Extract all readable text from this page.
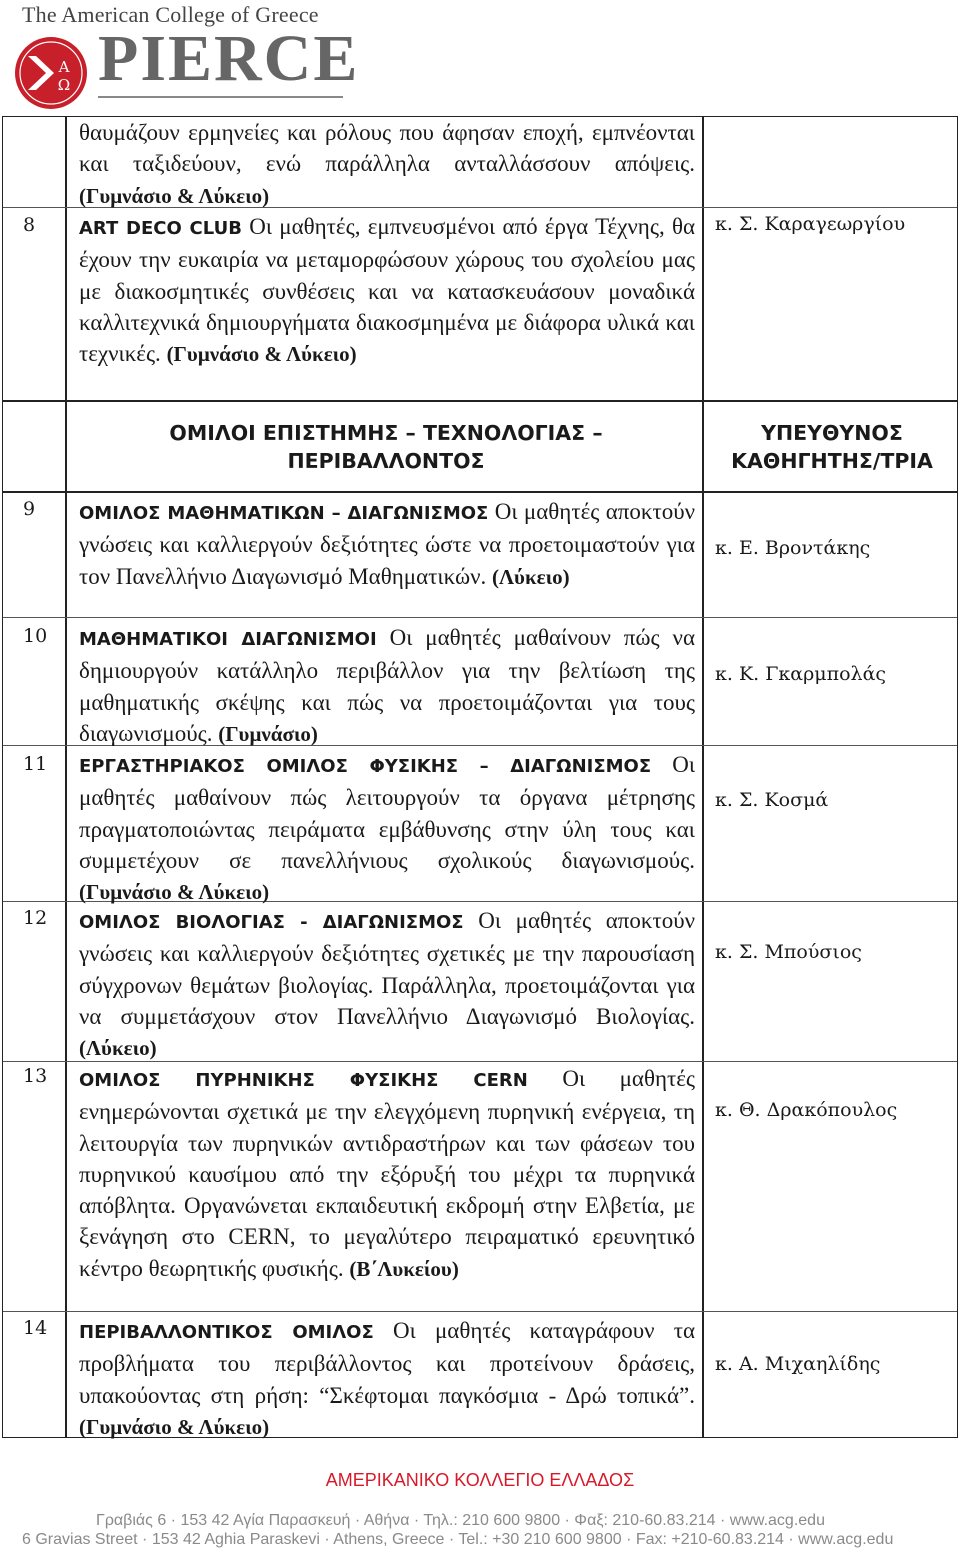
The American College of Greece
Α
Ω PIERCE
θαυμάζουν ερμηνείες και ρόλους που άφησαν εποχή, εμπνέονται και ταξιδεύουν, ενώ παράλληλα ανταλλάσσουν απόψεις. (Γυμνάσιο & Λύκειο)
8 ART DECO CLUB Οι μαθητές, εμπνευσμένοι από έργα Τέχνης, θα έχουν την ευκαιρία να μεταμορφώσουν χώρους του σχολείου μας με διακοσμητικές συνθέσεις και να κατασκευάσουν μοναδικά καλλιτεχνικά δημιουργήματα διακοσμημένα με διάφορα υλικά και τεχνικές. (Γυμνάσιο & Λύκειο)
κ. Σ. Καραγεωργίου
ΟΜΙΛΟΙ ΕΠΙΣΤΗΜΗΣ – ΤΕΧΝΟΛΟΓΙΑΣ –
ΠΕΡΙΒΑΛΛΟΝΤΟΣ
ΥΠΕΥΘΥΝΟΣ
ΚΑΘΗΓΗΤΗΣ/ΤΡΙΑ
9 ΟΜΙΛΟΣ ΜΑΘΗΜΑΤΙΚΩΝ – ΔΙΑΓΩΝΙΣΜΟΣ Οι μαθητές αποκτούν γνώσεις και καλλιεργούν δεξιότητες ώστε να προετοιμαστούν για τον Πανελλήνιο Διαγωνισμό Μαθηματικών. (Λύκειο)
κ. Ε. Βροντάκης
10 ΜΑΘΗΜΑΤΙΚΟΙ ΔΙΑΓΩΝΙΣΜΟΙ Οι μαθητές μαθαίνουν πώς να δημιουργούν κατάλληλο περιβάλλον για την βελτίωση της μαθηματικής σκέψης και πώς να προετοιμάζονται για τους διαγωνισμούς. (Γυμνάσιο)
κ. Κ. Γκαρμπολάς
11 ΕΡΓΑΣΤΗΡΙΑΚΟΣ ΟΜΙΛΟΣ ΦΥΣΙΚΗΣ – ΔΙΑΓΩΝΙΣΜΟΣ Οι μαθητές μαθαίνουν πώς λειτουργούν τα όργανα μέτρησης πραγματοποιώντας πειράματα εμβάθυνσης στην ύλη τους και συμμετέχουν σε πανελλήνιους σχολικούς διαγωνισμούς. (Γυμνάσιο & Λύκειο)
κ. Σ. Κοσμά
12 ΟΜΙΛΟΣ ΒΙΟΛΟΓΙΑΣ - ΔΙΑΓΩΝΙΣΜΟΣ Οι μαθητές αποκτούν γνώσεις και καλλιεργούν δεξιότητες σχετικές με την παρουσίαση σύγχρονων θεμάτων βιολογίας. Παράλληλα, προετοιμάζονται για να συμμετάσχουν στον Πανελλήνιο Διαγωνισμό Βιολογίας. (Λύκειο)
κ. Σ. Μπούσιος
13 ΟΜΙΛΟΣ ΠΥΡΗΝΙΚΗΣ ΦΥΣΙΚΗΣ CERN Οι μαθητές ενημερώνονται σχετικά με την ελεγχόμενη πυρηνική ενέργεια, τη λειτουργία των πυρηνικών αντιδραστήρων και των φάσεων του πυρηνικού καυσίμου από την εξόρυξή του μέχρι τα πυρηνικά απόβλητα. Οργανώνεται εκπαιδευτική εκδρομή στην Ελβετία, με ξενάγηση στο CERN, το μεγαλύτερο πειραματικό ερευνητικό κέντρο θεωρητικής φυσικής. (Β΄Λυκείου)
κ. Θ. Δρακόπουλος
14 ΠΕΡΙΒΑΛΛΟΝΤΙΚΟΣ ΟΜΙΛΟΣ Οι μαθητές καταγράφουν τα προβλήματα του περιβάλλοντος και προτείνουν δράσεις, υπακούοντας στη ρήση: “Σκέφτομαι παγκόσμια - Δρώ τοπικά”. (Γυμνάσιο & Λύκειο)
κ. Α. Μιχαηλίδης
ΑΜΕΡΙΚΑΝΙΚΟ ΚΟΛΛΕΓΙΟ ΕΛΛΑΔΟΣ
Γραβιάς 6 · 153 42 Αγία Παρασκευή · Αθήνα · Τηλ.: 210 600 9800 · Φαξ: 210-60.83.214 · www.acg.edu
6 Gravias Street · 153 42 Aghia Paraskevi · Athens, Greece · Tel.: +30 210 600 9800 · Fax: +210-60.83.214 · www.acg.edu
